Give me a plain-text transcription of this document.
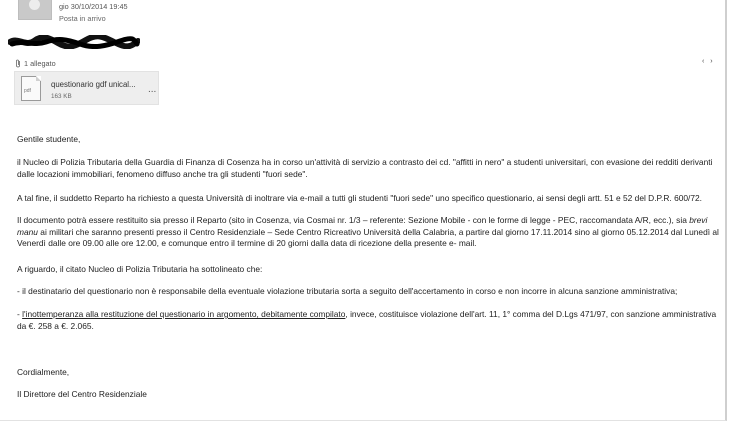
gio 30/10/2014 19:45
Posta in arrivo
1 allegato	‹ ›
pdf
questionario gdf unical...
163 KB
...

Gentile studente,

il Nucleo di Polizia Tributaria della Guardia di Finanza di Cosenza ha in corso un'attività di servizio a contrasto dei cd. "affitti in nero" a studenti universitari, con evasione dei redditi derivanti dalle locazioni immobiliari, fenomeno diffuso anche tra gli studenti "fuori sede".

A tal fine, il suddetto Reparto ha richiesto a questa Università di inoltrare via e-mail a tutti gli studenti "fuori sede" uno specifico questionario, ai sensi degli artt. 51 e 52 del D.P.R. 600/72.

Il documento potrà essere restituito sia presso il Reparto (sito in Cosenza, via Cosmai nr. 1/3 – referente: Sezione Mobile - con le forme di legge - PEC, raccomandata A/R, ecc.), sia brevi manu ai militari che saranno presenti presso il Centro Residenziale – Sede Centro Ricreativo Università della Calabria, a partire dal giorno 17.11.2014 sino al giorno 05.12.2014 dal Lunedì al Venerdì dalle ore 09.00 alle ore 12.00, e comunque entro il termine di 20 giorni dalla data di ricezione della presente e- mail.

A riguardo, il citato Nucleo di Polizia Tributaria ha sottolineato che:

- il destinatario del questionario non è responsabile della eventuale violazione tributaria sorta a seguito dell'accertamento in corso e non incorre in alcuna sanzione amministrativa;

- l'inottemperanza alla restituzione del questionario in argomento, debitamente compilato, invece, costituisce violazione dell'art. 11, 1° comma del D.Lgs 471/97, con sanzione amministrativa da €. 258 a €. 2.065.

Cordialmente,

Il Direttore del Centro Residenziale
